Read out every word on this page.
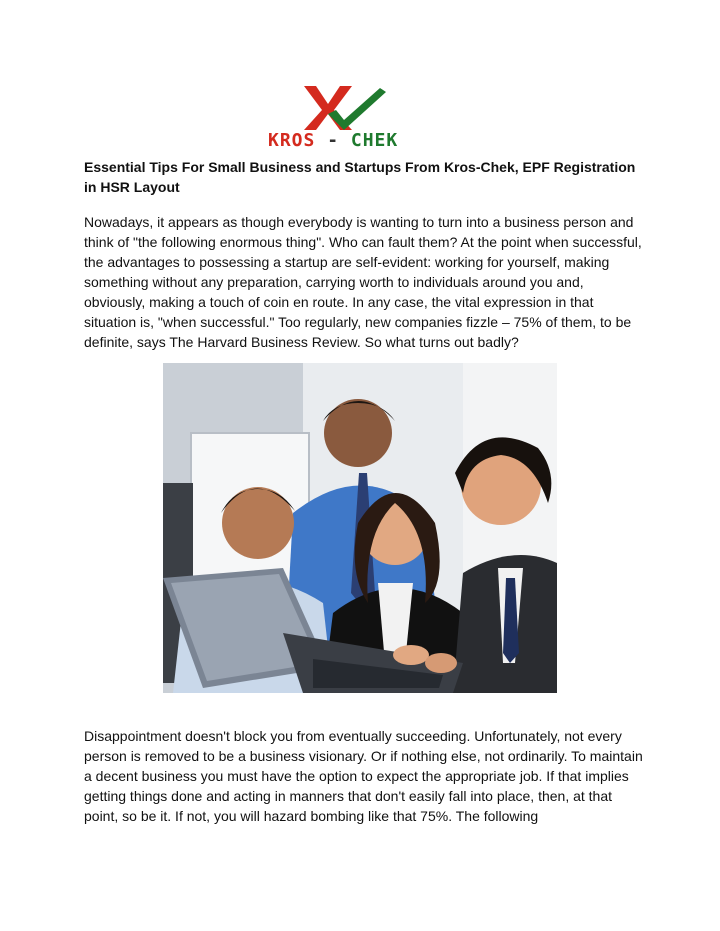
KROS - CHEK
Essential Tips For Small Business and Startups From Kros-Chek, EPF Registration in HSR Layout

Nowadays, it appears as though everybody is wanting to turn into a business person and think of "the following enormous thing". Who can fault them? At the point when successful, the advantages to possessing a startup are self-evident: working for yourself, making something without any preparation, carrying worth to individuals around you and, obviously, making a touch of coin en route. In any case, the vital expression in that situation is, "when successful." Too regularly, new companies fizzle – 75% of them, to be definite, says The Harvard Business Review. So what turns out badly?

Disappointment doesn't block you from eventually succeeding. Unfortunately, not every person is removed to be a business visionary. Or if nothing else, not ordinarily. To maintain a decent business you must have the option to expect the appropriate job. If that implies getting things done and acting in manners that don't easily fall into place, then, at that point, so be it. If not, you will hazard bombing like that 75%. The following
